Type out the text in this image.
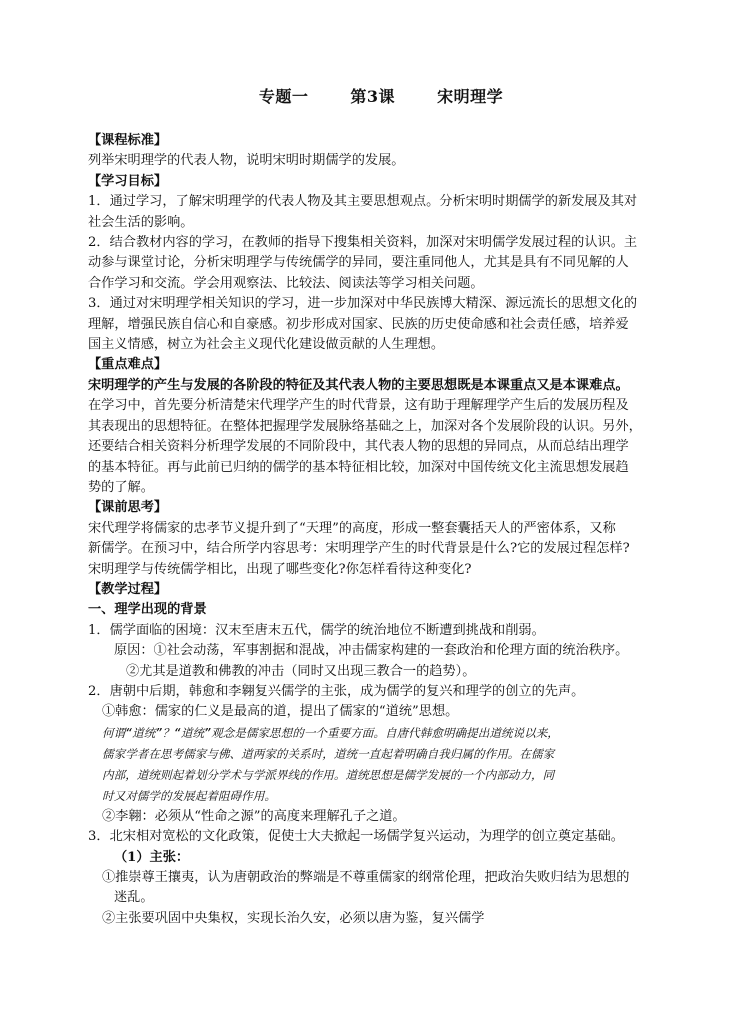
专题一	第3课	宋明理学

【课程标准】

列举宋明理学的代表人物，说明宋明时期儒学的发展。

【学习目标】

1．通过学习，了解宋明理学的代表人物及其主要思想观点。分析宋明时期儒学的新发展及其对

社会生活的影响。

2．结合教材内容的学习，在教师的指导下搜集相关资料，加深对宋明儒学发展过程的认识。主

动参与课堂讨论，分析宋明理学与传统儒学的异同，要注重同他人，尤其是具有不同见解的人

合作学习和交流。学会用观察法、比较法、阅读法等学习相关问题。

3．通过对宋明理学相关知识的学习，进一步加深对中华民族博大精深、源远流长的思想文化的

理解，增强民族自信心和自豪感。初步形成对国家、民族的历史使命感和社会责任感，培养爱

国主义情感，树立为社会主义现代化建设做贡献的人生理想。

【重点难点】

宋明理学的产生与发展的各阶段的特征及其代表人物的主要思想既是本课重点又是本课难点。

在学习中，首先要分析清楚宋代理学产生的时代背景，这有助于理解理学产生后的发展历程及

其表现出的思想特征。在整体把握理学发展脉络基础之上，加深对各个发展阶段的认识。另外，

还要结合相关资料分析理学发展的不同阶段中，其代表人物的思想的异同点，从而总结出理学

的基本特征。再与此前已归纳的儒学的基本特征相比较，加深对中国传统文化主流思想发展趋

势的了解。

【课前思考】

宋代理学将儒家的忠孝节义提升到了“天理”的高度，形成一整套囊括天人的严密体系，又称

新儒学。在预习中，结合所学内容思考：宋明理学产生的时代背景是什么?它的发展过程怎样?

宋明理学与传统儒学相比，出现了哪些变化?你怎样看待这种变化?

【教学过程】

一、理学出现的背景

1．儒学面临的困境：汉末至唐末五代，儒学的统治地位不断遭到挑战和削弱。

原因：①社会动荡，军事割据和混战，冲击儒家构建的一套政治和伦理方面的统治秩序。

②尤其是道教和佛教的冲击（同时又出现三教合一的趋势）。

2．唐朝中后期，韩愈和李翱复兴儒学的主张，成为儒学的复兴和理学的创立的先声。

①韩愈：儒家的仁义是最高的道，提出了儒家的“道统”思想。

何谓“道统”？“道统”观念是儒家思想的一个重要方面。自唐代韩愈明确提出道统说以来，

儒家学者在思考儒家与佛、道两家的关系时，道统一直起着明确自我归属的作用。在儒家

内部，道统则起着划分学术与学派界线的作用。道统思想是儒学发展的一个内部动力，同

时又对儒学的发展起着阻碍作用。

②李翱：必须从“性命之源”的高度来理解孔子之道。

3．北宋相对宽松的文化政策，促使士大夫掀起一场儒学复兴运动，为理学的创立奠定基础。

（1）主张：

①推崇尊王攘夷，认为唐朝政治的弊端是不尊重儒家的纲常伦理，把政治失败归结为思想的

迷乱。

②主张要巩固中央集权，实现长治久安，必须以唐为鉴，复兴儒学
